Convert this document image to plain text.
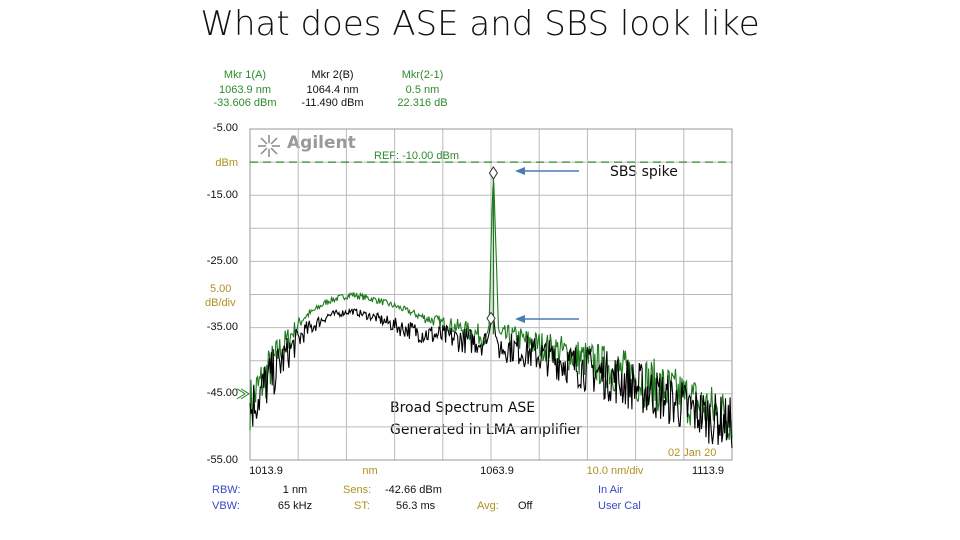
What does ASE and SBS look like
Mkr 1(A)
1063.9 nm
-33.606 dBm
Mkr 2(B)
1064.4 nm
-11.490 dBm
Mkr(2-1)
0.5 nm
22.316 dB
-5.00
dBm
-15.00
-25.00
5.00
dB/div
-35.00
-45.00
-55.00
1013.9	nm	1063.9	10.0 nm/div	1113.9
02 Jan 20
RBW:	1 nm
VBW:	65 kHz
Sens: -42.66 dBm
ST: 56.3 ms	Avg: Off
In Air
User Cal
Agilent
REF: -10.00 dBm
SBS spike
Broad Spectrum ASE
Generated in LMA amplifier
